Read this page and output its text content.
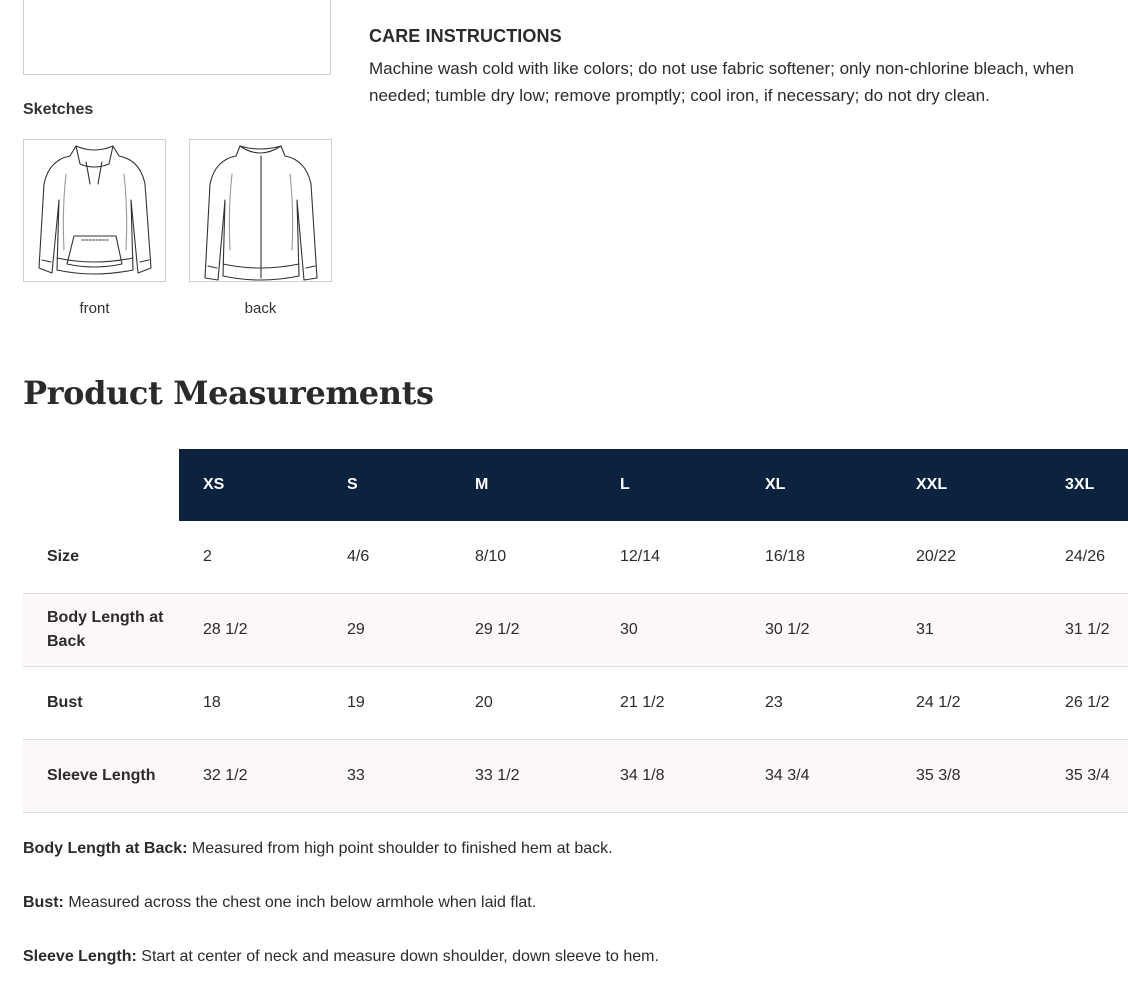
CARE INSTRUCTIONS

Machine wash cold with like colors; do not use fabric softener; only non-chlorine bleach, when needed; tumble dry low; remove promptly; cool iron, if necessary; do not dry clean.

Sketches
front	back
Product Measurements
	XS	S	M	L	XL	XXL	3XL
Size	2	4/6	8/10	12/14	16/18	20/22	24/26
Body Length at Back	28 1/2	29	29 1/2	30	30 1/2	31	31 1/2
Bust	18	19	20	21 1/2	23	24 1/2	26 1/2
Sleeve Length	32 1/2	33	33 1/2	34 1/8	34 3/4	35 3/8	35 3/4

Body Length at Back: Measured from high point shoulder to finished hem at back.

Bust: Measured across the chest one inch below armhole when laid flat.

Sleeve Length: Start at center of neck and measure down shoulder, down sleeve to hem.
